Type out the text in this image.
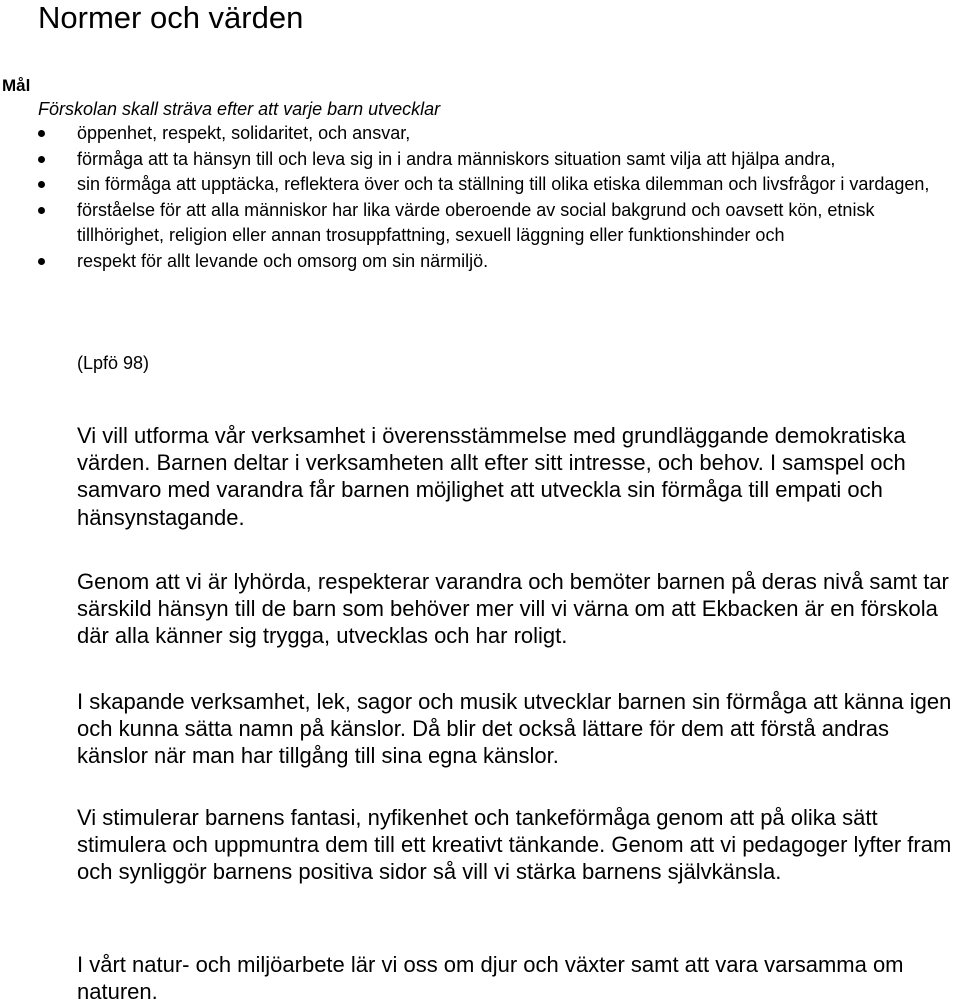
Normer och värden
Mål
Förskolan skall sträva efter att varje barn utvecklar
öppenhet, respekt, solidaritet, och ansvar,
förmåga att ta hänsyn till och leva sig in i andra människors situation samt vilja att hjälpa andra,
sin förmåga att upptäcka, reflektera över och ta ställning till olika etiska dilemman och livsfrågor i vardagen,
förståelse för att alla människor har lika värde oberoende av social bakgrund och oavsett kön, etnisk tillhörighet, religion eller annan trosuppfattning, sexuell läggning eller funktionshinder och
respekt för allt levande och omsorg om sin närmiljö.
(Lpfö 98)

Vi vill utforma vår verksamhet i överensstämmelse med grundläggande demokratiska värden. Barnen deltar i verksamheten allt efter sitt intresse, och behov. I samspel och samvaro med varandra får barnen möjlighet att utveckla sin förmåga till empati och hänsynstagande.

Genom att vi är lyhörda, respekterar varandra och bemöter barnen på deras nivå samt tar särskild hänsyn till de barn som behöver mer vill vi värna om att Ekbacken är en förskola där alla känner sig trygga, utvecklas och har roligt.

I skapande verksamhet, lek, sagor och musik utvecklar barnen sin förmåga att känna igen och kunna sätta namn på känslor. Då blir det också lättare för dem att förstå andras känslor när man har tillgång till sina egna känslor.

Vi stimulerar barnens fantasi, nyfikenhet och tankeförmåga genom att på olika sätt stimulera och uppmuntra dem till ett kreativt tänkande. Genom att vi pedagoger lyfter fram och synliggör barnens positiva sidor så vill vi stärka barnens självkänsla.

I vårt natur- och miljöarbete lär vi oss om djur och växter samt att vara varsamma om naturen.
